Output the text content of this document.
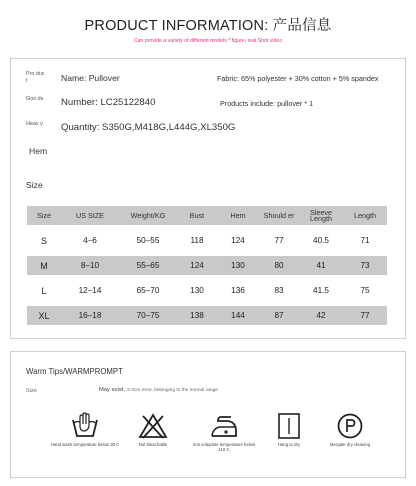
PRODUCT INFORMATION: 产品信息
Can provide a variety of different models * figure, real Shot video
Pro duct	Name: Pullover	Fabric: 65% polyester + 30% cotton + 5% spandex
Goo ds Number: LC25122840	Products include: pullover * 1
Heav y	Quantity: S350G,M418G,L444G,XL350G
Hem
Size
Size	US SIZE	Weight/KG	Bust	Hem	Should er	Sleeve Length	Length
S	4–6	50–55	118	124	77	40.5	71
M	8–10	55–65	124	130	80	41	73
L	12–14	65–70	130	136	83	41.5	75
XL	16–18	70–75	138	144	87	42	77
Warm Tips/WARMPROMPT
Size	May exist, 2-3cm error, belonging to the normal range
Hand wash temperature below 30 C	Not bleachable	Iron soleplate temperature below 110 C
Hang to dry	Mergate dry cleaning
